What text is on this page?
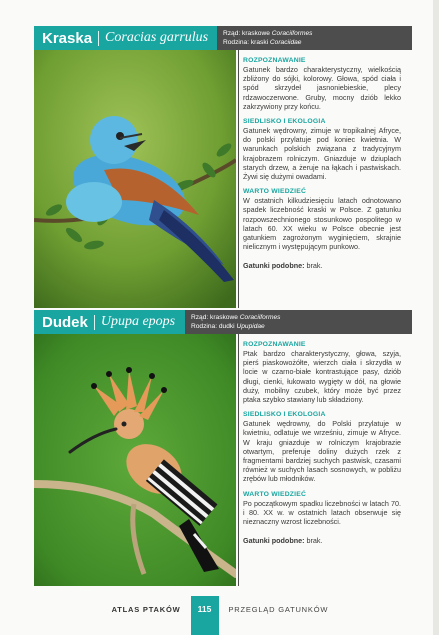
Kraska Coracias garrulus Rząd: kraskowe Coraciiformes
Rodzina: kraski Coraciidae
ROZPOZNAWANIE
Gatunek bardzo charakterystyczny, wielkością zbliżony do sójki, kolorowy. Głowa, spód ciała i spód skrzydeł jasnoniebieskie, plecy rdzawoczerwone. Gruby, mocny dziób lekko zakrzywiony przy końcu.
SIEDLISKO I EKOLOGIA
Gatunek wędrowny, zimuje w tropikalnej Afryce, do polski przylatuje pod koniec kwietnia. W warunkach polskich związana z tradycyjnym krajobrazem rolniczym. Gniazduje w dziuplach starych drzew, a żeruje na łąkach i pastwiskach. Żywi się dużymi owadami.
WARTO WIEDZIEĆ
W ostatnich kilkudziesięciu latach odnotowano spadek liczebność kraski w Polsce. Z gatunku rozpowszechnionego stosunkowo pospolitego w latach 60. XX wieku w Polsce obecnie jest gatunkiem zagrożonym wyginięciem, skrajnie nielicznym i występującym punkowo.
Gatunki podobne: brak.
Dudek Upupa epops Rząd: kraskowe Coraciiformes
Rodzina: dudki Upupidae
ROZPOZNAWANIE
Ptak bardzo charakterystyczny, głowa, szyja, pierś piaskowożółte, wierzch ciała i skrzydła w locie w czarno-białe kontrastujące pasy, dziób długi, cienki, łukowato wygięty w dół, na głowie duży, mobilny czubek, który może być przez ptaka szybko stawiany lub składziony.
SIEDLISKO I EKOLOGIA
Gatunek wędrowny, do Polski przylatuje w kwietniu, odlatuje we wrześniu, zimuje w Afryce. W kraju gniazduje w rolniczym krajobrazie otwartym, preferuje doliny dużych rzek z fragmentami bardziej suchych pastwisk, czasami również w suchych lasach sosnowych, w pobliżu zrębów lub młodników.
WARTO WIEDZIEĆ
Po początkowym spadku liczebności w latach 70. i 80. XX w. w ostatnich latach obserwuje się nieznaczny wzrost liczebności.
Gatunki podobne: brak.
ATLAS PTAKÓW	115	PRZEGLĄD GATUNKÓW
